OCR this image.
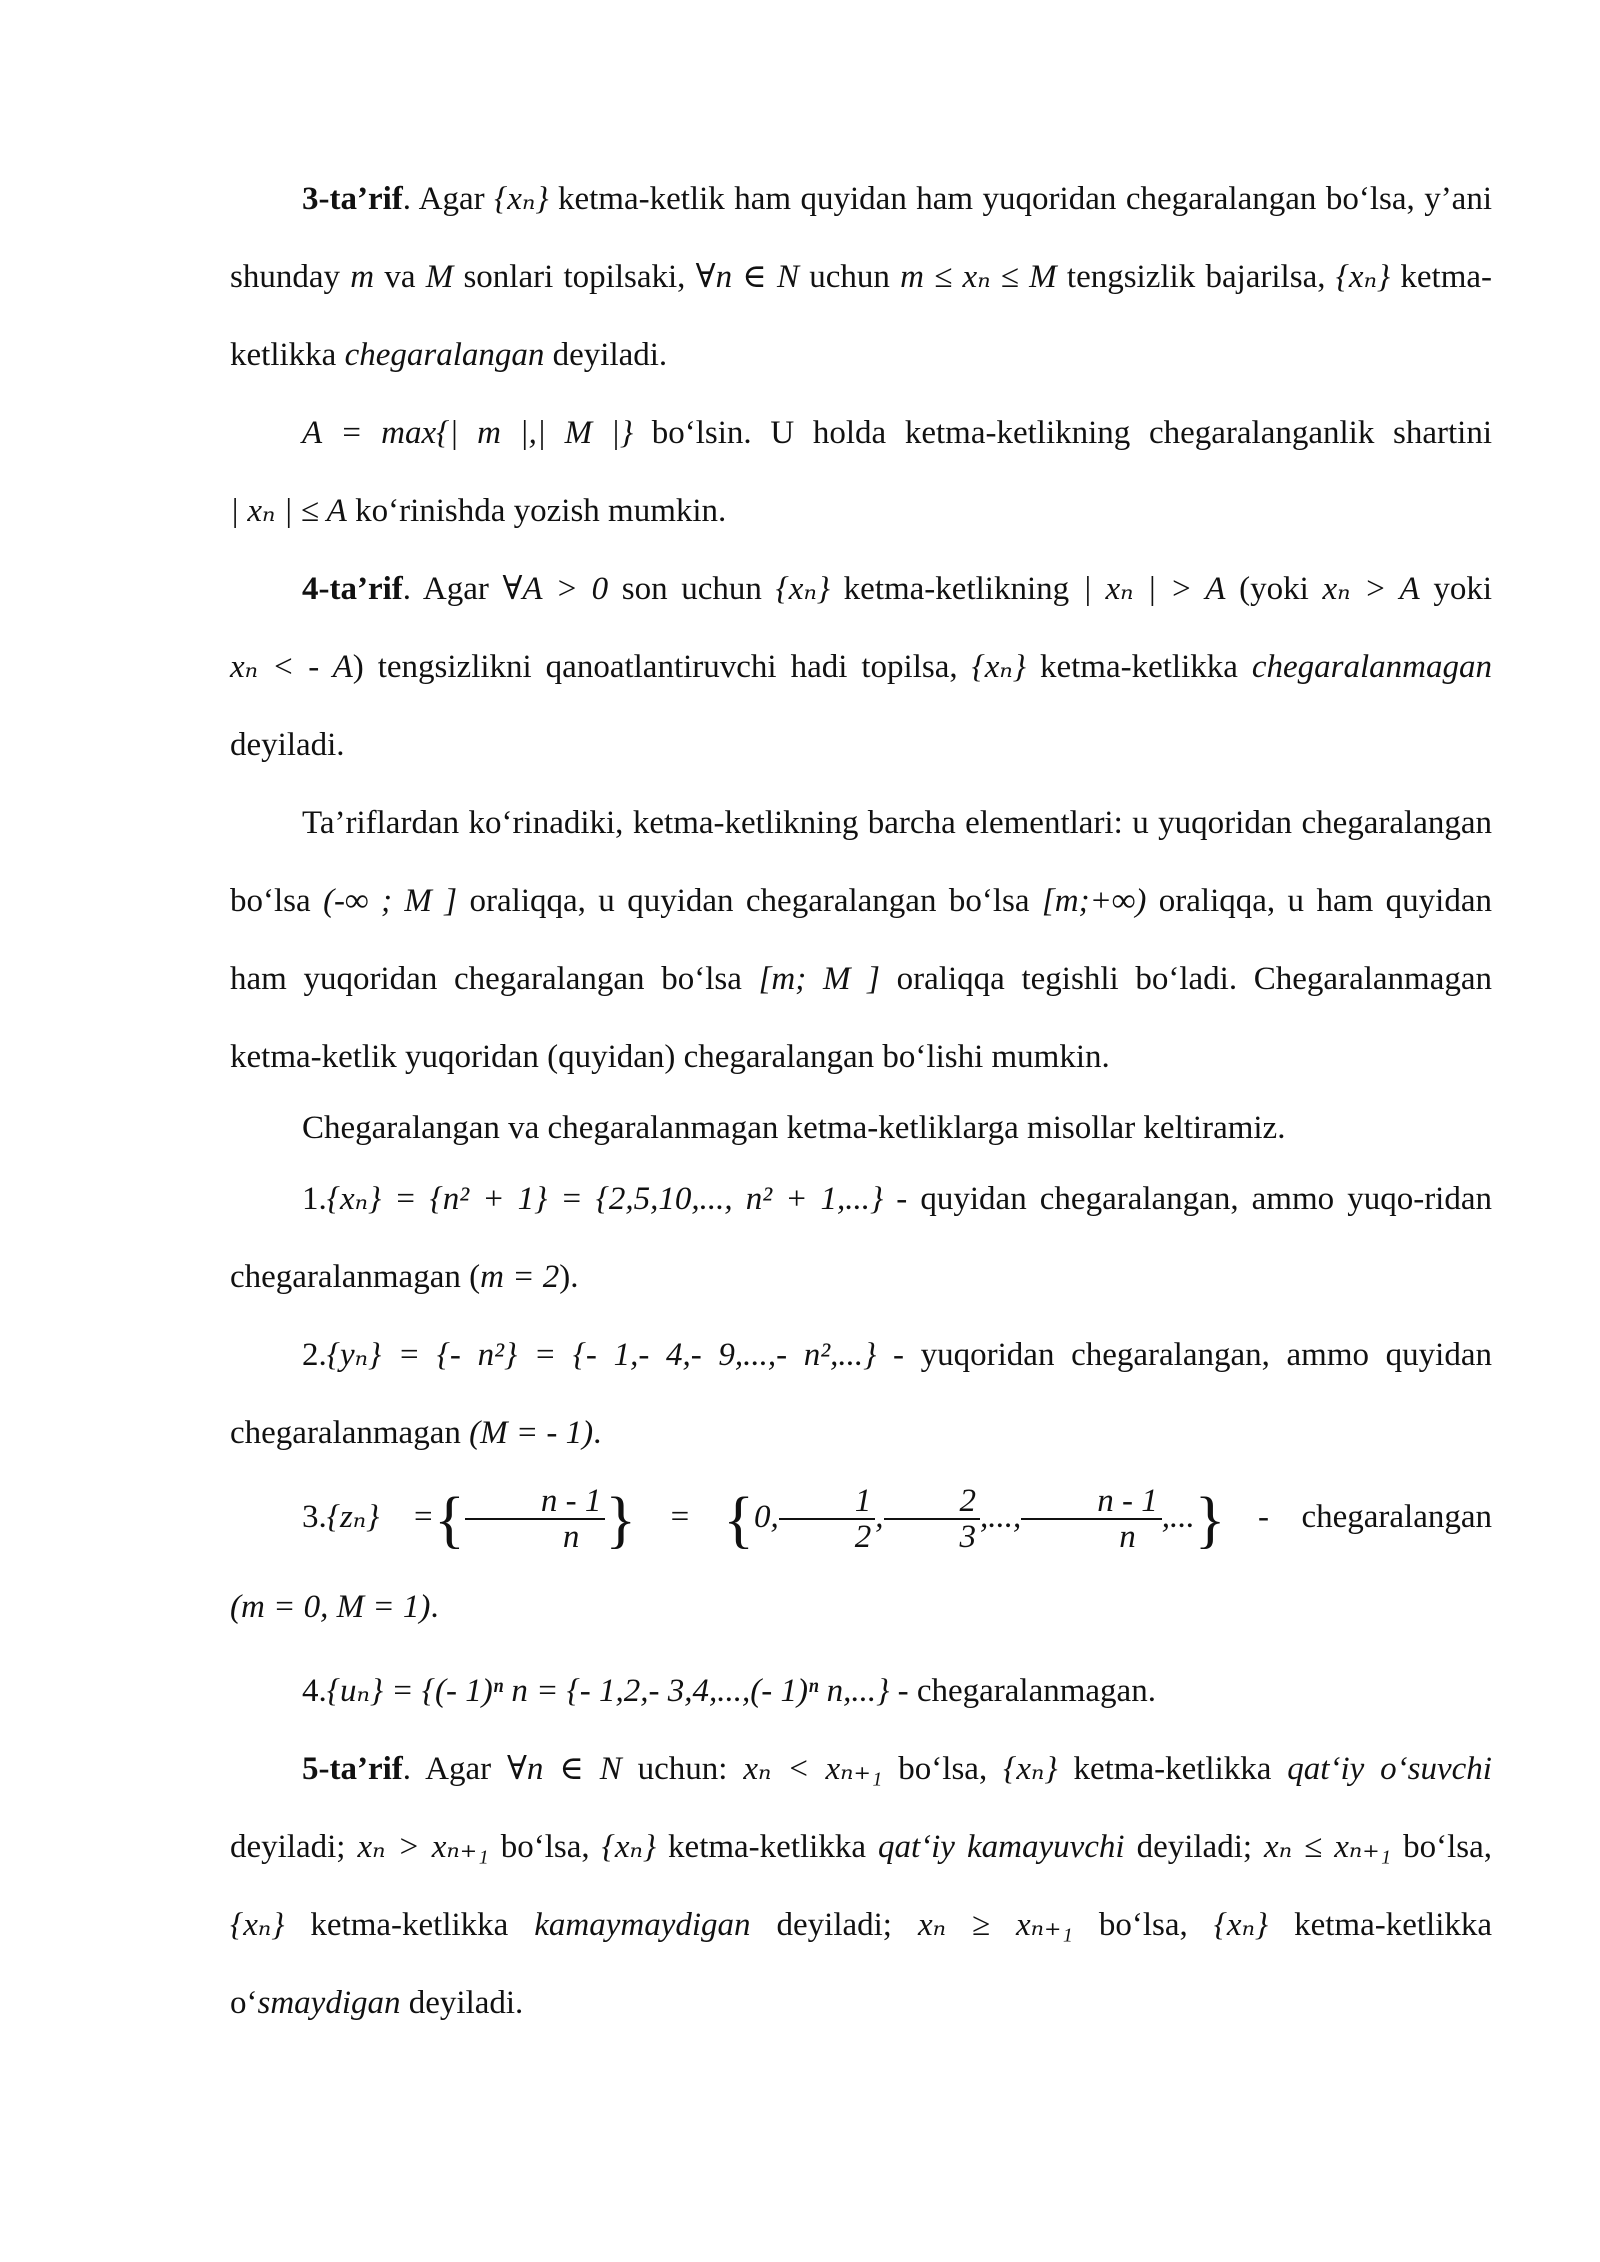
3-ta’rif. Agar {xₙ} ketma-ketlik ham quyidan ham yuqoridan chegaralangan bo‘lsa, y’ani shunday m va M sonlari topilsaki, ∀n ∈ N uchun m ≤ xₙ ≤ M tengsizlik bajarilsa, {xₙ} ketma-ketlikka chegaralangan deyiladi.

A = max{| m |,| M |} bo‘lsin. U holda ketma-ketlikning chegaralanganlik shartini | xₙ | ≤ A ko‘rinishda yozish mumkin.

4-ta’rif. Agar ∀A > 0 son uchun {xₙ} ketma-ketlikning | xₙ | > A (yoki xₙ > A yoki xₙ < - A) tengsizlikni qanoatlantiruvchi hadi topilsa, {xₙ} ketma-ketlikka chegaralanmagan deyiladi.

Ta’riflardan ko‘rinadiki, ketma-ketlikning barcha elementlari: u yuqoridan chegaralangan bo‘lsa (-∞ ; M ] oraliqqa, u quyidan chegaralangan bo‘lsa [m;+∞) oraliqqa, u ham quyidan ham yuqoridan chegaralangan bo‘lsa [m; M ] oraliqqa tegishli bo‘ladi. Chegaralanmagan ketma-ketlik yuqoridan (quyidan) chegaralangan bo‘lishi mumkin.

Chegaralangan va chegaralanmagan ketma-ketliklarga misollar keltiramiz.

1.{xₙ} = {n² + 1} = {2,5,10,..., n² + 1,...} - quyidan chegaralangan, ammo yuqo-ridan chegaralanmagan (m = 2).

2.{yₙ} = {- n²} = {- 1,- 4,- 9,...,- n²,...} - yuqoridan chegaralangan, ammo quyidan chegaralanmagan (M = - 1).

3.{zₙ} ={ $\frac{n - 1}{n}$ } = {0, $\frac{1}{2}$ , $\frac{2}{3}$ ,..., $\frac{n - 1}{n}$ ,...} - chegaralangan (m = 0, M = 1).

4.{uₙ} = {(- 1)ⁿ n = {- 1,2,- 3,4,...,(- 1)ⁿ n,...} - chegaralanmagan.

5-ta’rif. Agar ∀n ∈ N uchun: xₙ < xₙ₊₁ bo‘lsa, {xₙ} ketma-ketlikka qat‘iy o‘suvchi deyiladi; xₙ > xₙ₊₁ bo‘lsa, {xₙ} ketma-ketlikka qat‘iy kamayuvchi deyiladi; xₙ ≤ xₙ₊₁ bo‘lsa, {xₙ} ketma-ketlikka kamaymaydigan deyiladi; xₙ ≥ xₙ₊₁ bo‘lsa, {xₙ} ketma-ketlikka o‘smaydigan deyiladi.
